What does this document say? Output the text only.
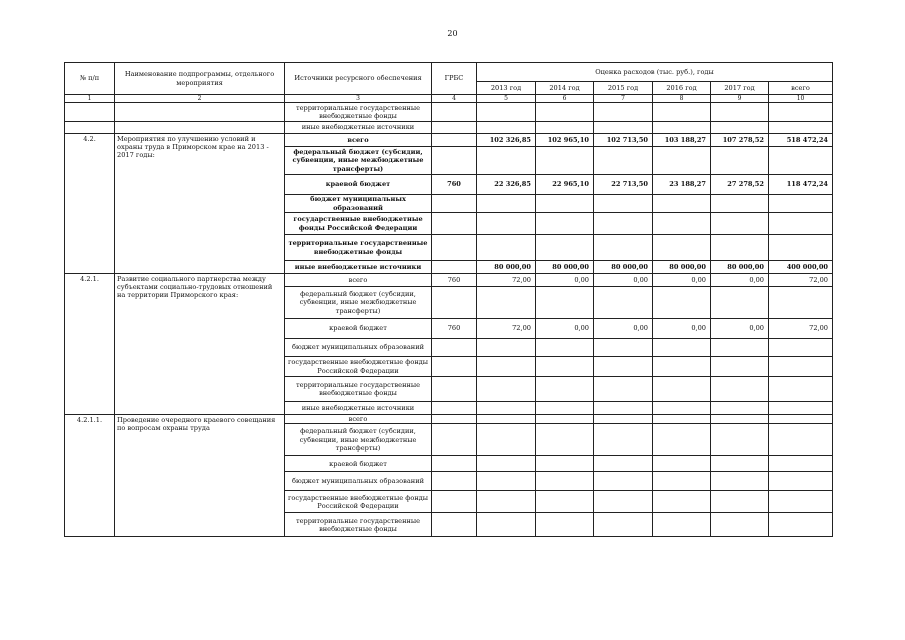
20
№ п/п	Наименование подпрограммы, отдельного мероприятия	Источники ресурсного обеспечения	ГРБС	Оценка расходов (тыс. руб.), годы					
				2013 год	2014 год	2015 год	2016 год	2017 год	всего
1	2	3	4	5	6	7	8	9	10
		территориальные государственные внебюджетные фонды							
		иные внебюджетные источники							
4.2.	Мероприятия по улучшению условий и охраны труда в Приморском крае на 2013 - 2017 годы:	всего		102 326,85	102 965,10	102 713,50	103 188,27	107 278,52	518 472,24
		федеральный бюджет (субсидии, субвенции, иные межбюджетные трансферты)							
		краевой бюджет	760	22 326,85	22 965,10	22 713,50	23 188,27	27 278,52	118 472,24
		бюджет муниципальных образований							
		государственные внебюджетные фонды Российской Федерации							
		территориальные государственные внебюджетные фонды							
		иные внебюджетные источники		80 000,00	80 000,00	80 000,00	80 000,00	80 000,00	400 000,00
4.2.1.	Развитие социального партнерства между субъектами социально-трудовых отношений на территории Приморского края:	всего	760	72,00	0,00	0,00	0,00	0,00	72,00
		федеральный бюджет (субсидии, субвенции, иные межбюджетные трансферты)							
		краевой бюджет	760	72,00	0,00	0,00	0,00	0,00	72,00
		бюджет муниципальных образований							
		государственные внебюджетные фонды Российской Федерации							
		территориальные государственные внебюджетные фонды							
		иные внебюджетные источники							
4.2.1.1.	Проведение очередного краевого совещания по вопросам охраны труда	всего							
		федеральный бюджет (субсидии, субвенции, иные межбюджетные трансферты)							
		краевой бюджет							
		бюджет муниципальных образований							
		государственные внебюджетные фонды Российской Федерации							
		территориальные государственные внебюджетные фонды							
